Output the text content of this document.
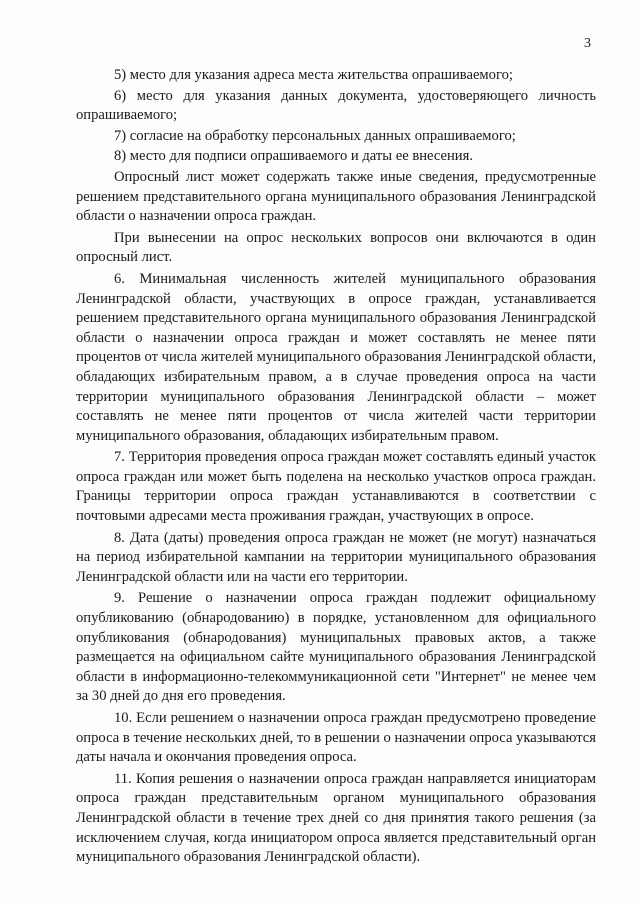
3

5) место для указания адреса места жительства опрашиваемого;

6) место для указания данных документа, удостоверяющего личность опрашиваемого;

7) согласие на обработку персональных данных опрашиваемого;

8) место для подписи опрашиваемого и даты ее внесения.

Опросный лист может содержать также иные сведения, предусмотренные решением представительного органа муниципального образования Ленинградской области о назначении опроса граждан.

При вынесении на опрос нескольких вопросов они включаются в один опросный лист.

6. Минимальная численность жителей муниципального образования Ленинградской области, участвующих в опросе граждан, устанавливается решением представительного органа муниципального образования Ленинградской области о назначении опроса граждан и может составлять не менее пяти процентов от числа жителей муниципального образования Ленинградской области, обладающих избирательным правом, а в случае проведения опроса на части территории муниципального образования Ленинградской области – может составлять не менее пяти процентов от числа жителей части территории муниципального образования, обладающих избирательным правом.

7. Территория проведения опроса граждан может составлять единый участок опроса граждан или может быть поделена на несколько участков опроса граждан. Границы территории опроса граждан устанавливаются в соответствии с почтовыми адресами места проживания граждан, участвующих в опросе.

8. Дата (даты) проведения опроса граждан не может (не могут) назначаться на период избирательной кампании на территории муниципального образования Ленинградской области или на части его территории.

9. Решение о назначении опроса граждан подлежит официальному опубликованию (обнародованию) в порядке, установленном для официального опубликования (обнародования) муниципальных правовых актов, а также размещается на официальном сайте муниципального образования Ленинградской области в информационно-телекоммуникационной сети "Интернет" не менее чем за 30 дней до дня его проведения.

10. Если решением о назначении опроса граждан предусмотрено проведение опроса в течение нескольких дней, то в решении о назначении опроса указываются даты начала и окончания проведения опроса.

11. Копия решения о назначении опроса граждан направляется инициаторам опроса граждан представительным органом муниципального образования Ленинградской области в течение трех дней со дня принятия такого решения (за исключением случая, когда инициатором опроса является представительный орган муниципального образования Ленинградской области).
